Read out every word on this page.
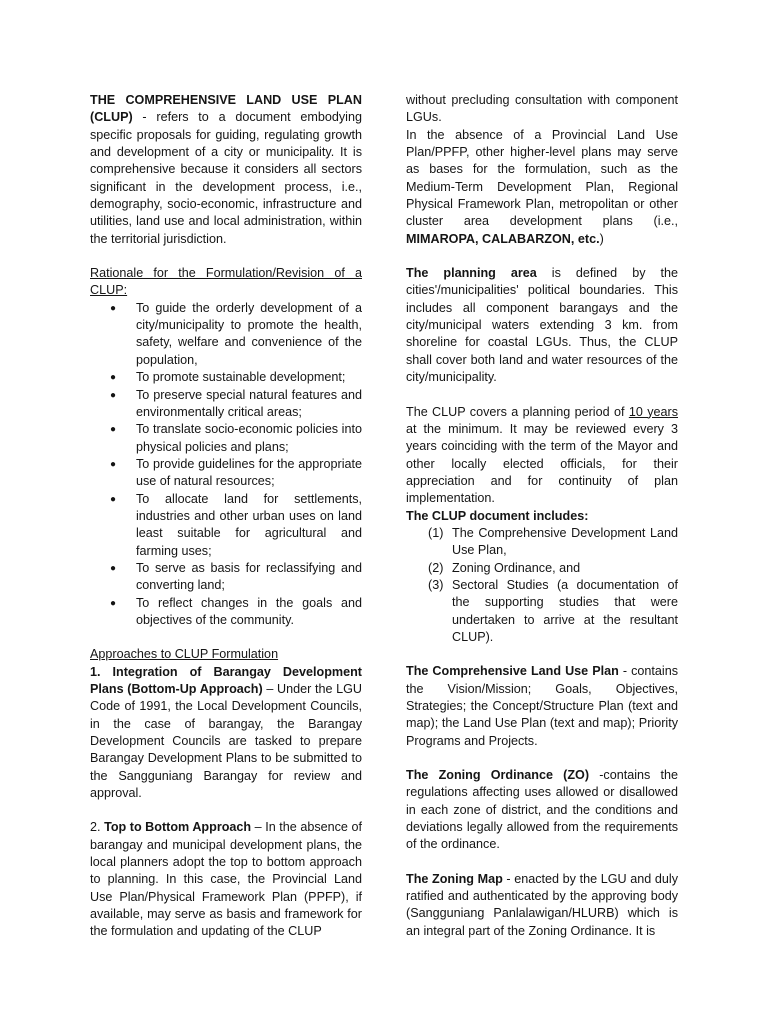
THE COMPREHENSIVE LAND USE PLAN (CLUP) - refers to a document embodying specific proposals for guiding, regulating growth and development of a city or municipality. It is comprehensive because it considers all sectors significant in the development process, i.e., demography, socio-economic, infrastructure and utilities, land use and local administration, within the territorial jurisdiction.

Rationale for the Formulation/Revision of a CLUP:

● To guide the orderly development of a city/municipality to promote the health, safety, welfare and convenience of the population,
● To promote sustainable development;
● To preserve special natural features and environmentally critical areas;
● To translate socio-economic policies into physical policies and plans;
● To provide guidelines for the appropriate use of natural resources;
● To allocate land for settlements, industries and other urban uses on land least suitable for agricultural and farming uses;
● To serve as basis for reclassifying and converting land;
● To reflect changes in the goals and objectives of the community.

Approaches to CLUP Formulation

1. Integration of Barangay Development Plans (Bottom-Up Approach) – Under the LGU Code of 1991, the Local Development Councils, in the case of barangay, the Barangay Development Councils are tasked to prepare Barangay Development Plans to be submitted to the Sangguniang Barangay for review and approval.

2. Top to Bottom Approach – In the absence of barangay and municipal development plans, the local planners adopt the top to bottom approach to planning. In this case, the Provincial Land Use Plan/Physical Framework Plan (PPFP), if available, may serve as basis and framework for the formulation and updating of the CLUP

without precluding consultation with component LGUs.

In the absence of a Provincial Land Use Plan/PPFP, other higher-level plans may serve as bases for the formulation, such as the Medium-Term Development Plan, Regional Physical Framework Plan, metropolitan or other cluster area development plans (i.e., MIMAROPA, CALABARZON, etc.)

The planning area is defined by the cities'/municipalities' political boundaries. This includes all component barangays and the city/municipal waters extending 3 km. from shoreline for coastal LGUs. Thus, the CLUP shall cover both land and water resources of the city/municipality.

The CLUP covers a planning period of 10 years at the minimum. It may be reviewed every 3 years coinciding with the term of the Mayor and other locally elected officials, for their appreciation and for continuity of plan implementation.

The CLUP document includes:

(1) The Comprehensive Development Land Use Plan,
(2) Zoning Ordinance, and
(3) Sectoral Studies (a documentation of the supporting studies that were undertaken to arrive at the resultant CLUP).

The Comprehensive Land Use Plan - contains the Vision/Mission; Goals, Objectives, Strategies; the Concept/Structure Plan (text and map); the Land Use Plan (text and map); Priority Programs and Projects.

The Zoning Ordinance (ZO) -contains the regulations affecting uses allowed or disallowed in each zone of district, and the conditions and deviations legally allowed from the requirements of the ordinance.

The Zoning Map - enacted by the LGU and duly ratified and authenticated by the approving body (Sangguniang Panlalawigan/HLURB) which is an integral part of the Zoning Ordinance. It is
